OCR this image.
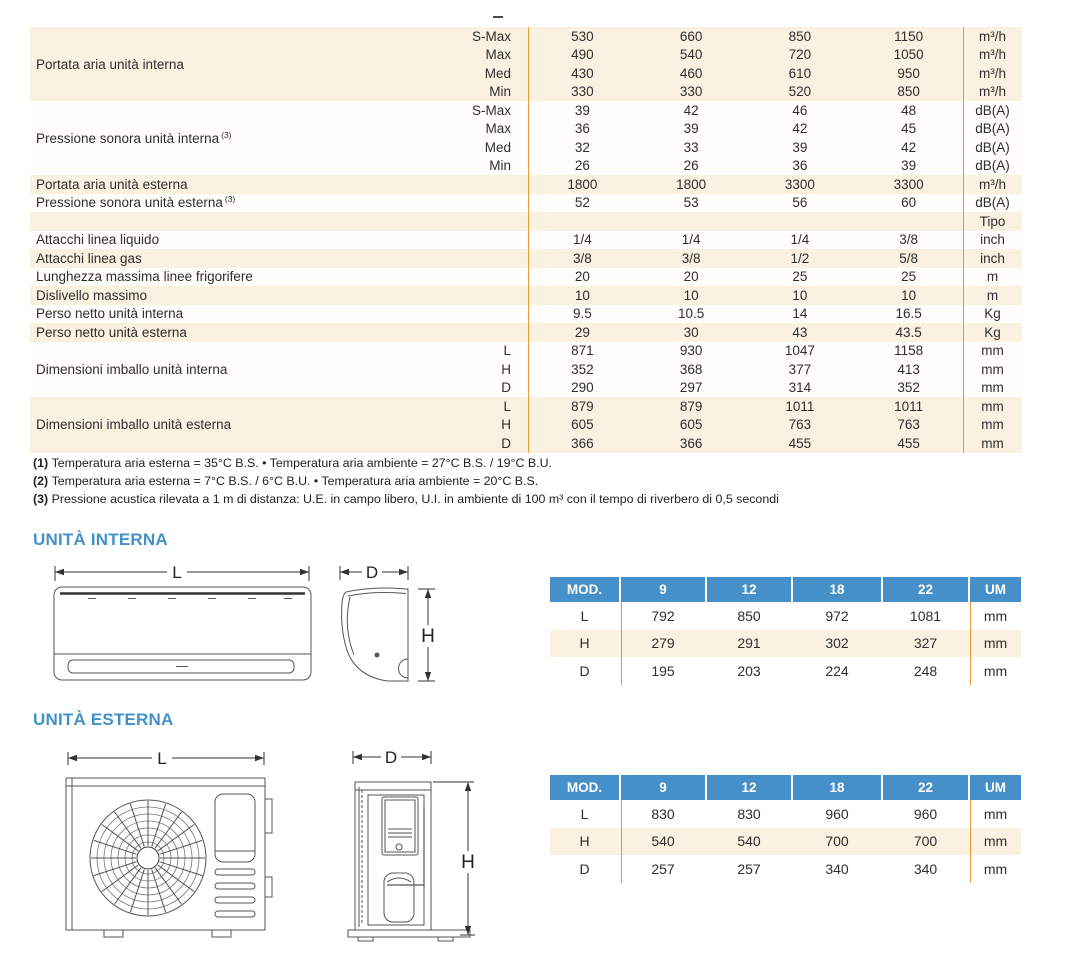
Portata aria unità interna
S-Max	530	660	850	1150	m³/h
Max	490	540	720	1050	m³/h
Med	430	460	610	950	m³/h
Min	330	330	520	850	m³/h
Pressione sonora unità interna (3)
S-Max	39	42	46	48	dB(A)
Max	36	39	42	45	dB(A)
Med	32	33	39	42	dB(A)
Min	26	26	36	39	dB(A)
Portata aria unità esterna	1800	1800	3300	3300	m³/h
Pressione sonora unità esterna (3)	52	53	56	60	dB(A)
Tipo
Attacchi linea liquido	1/4	1/4	1/4	3/8	inch
Attacchi linea gas	3/8	3/8	1/2	5/8	inch
Lunghezza massima linee frigorifere	20	20	25	25	m
Dislivello massimo	10	10	10	10	m
Perso netto unità interna	9.5	10.5	14	16.5	Kg
Perso netto unità esterna	29	30	43	43.5	Kg
Dimensioni imballo unità interna
L	871	930	1047	1158	mm
H	352	368	377	413	mm
D	290	297	314	352	mm
Dimensioni imballo unità esterna
L	879	879	1011	1011	mm
H	605	605	763	763	mm
D	366	366	455	455	mm
(1) Temperatura aria esterna = 35°C B.S. • Temperatura aria ambiente = 27°C B.S. / 19°C B.U.
(2) Temperatura aria esterna = 7°C B.S. / 6°C B.U. • Temperatura aria ambiente = 20°C B.S.
(3) Pressione acustica rilevata a 1 m di distanza: U.E. in campo libero, U.I. in ambiente di 100 m³ con il tempo di riverbero di 0,5 secondi
UNITÀ INTERNA
L	D
H
MOD.	9	12	18	22	UM
L	792	850	972	1081	mm
H	279	291	302	327	mm
D	195	203	224	248	mm
UNITÀ ESTERNA
L	D
H
MOD.	9	12	18	22	UM
L	830	830	960	960	mm
H	540	540	700	700	mm
D	257	257	340	340	mm
